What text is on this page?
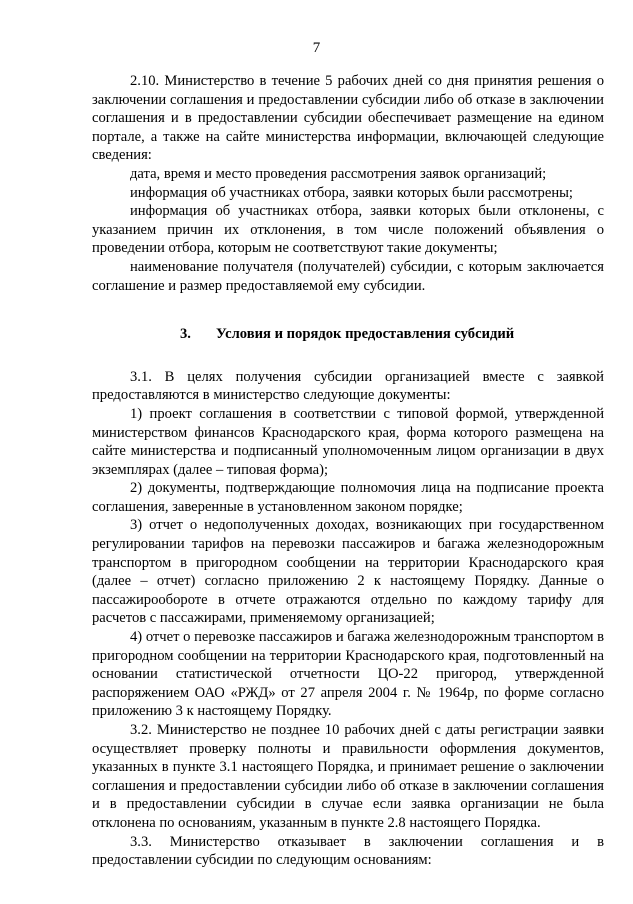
7

2.10. Министерство в течение 5 рабочих дней со дня принятия решения о заключении соглашения и предоставлении субсидии либо об отказе в заключении соглашения и в предоставлении субсидии обеспечивает размещение на едином портале, а также на сайте министерства информации, включающей следующие сведения:

дата, время и место проведения рассмотрения заявок организаций;

информация об участниках отбора, заявки которых были рассмотрены;

информация об участниках отбора, заявки которых были отклонены, с указанием причин их отклонения, в том числе положений объявления о проведении отбора, которым не соответствуют такие документы;

наименование получателя (получателей) субсидии, с которым заключается соглашение и размер предоставляемой ему субсидии.

3. Условия и порядок предоставления субсидий

3.1. В целях получения субсидии организацией вместе с заявкой предоставляются в министерство следующие документы:

1) проект соглашения в соответствии с типовой формой, утвержденной министерством финансов Краснодарского края, форма которого размещена на сайте министерства и подписанный уполномоченным лицом организации в двух экземплярах (далее – типовая форма);

2) документы, подтверждающие полномочия лица на подписание проекта соглашения, заверенные в установленном законом порядке;

3) отчет о недополученных доходах, возникающих при государственном регулировании тарифов на перевозки пассажиров и багажа железнодорожным транспортом в пригородном сообщении на территории Краснодарского края (далее – отчет) согласно приложению 2 к настоящему Порядку. Данные о пассажирообороте в отчете отражаются отдельно по каждому тарифу для расчетов с пассажирами, применяемому организацией;

4) отчет о перевозке пассажиров и багажа железнодорожным транспортом в пригородном сообщении на территории Краснодарского края, подготовленный на основании статистической отчетности ЦО-22 пригород, утвержденной распоряжением ОАО «РЖД» от 27 апреля 2004 г. № 1964р, по форме согласно приложению 3 к настоящему Порядку.

3.2. Министерство не позднее 10 рабочих дней с даты регистрации заявки осуществляет проверку полноты и правильности оформления документов, указанных в пункте 3.1 настоящего Порядка, и принимает решение о заключении соглашения и предоставлении субсидии либо об отказе в заключении соглашения и в предоставлении субсидии в случае если заявка организации не была отклонена по основаниям, указанным в пункте 2.8 настоящего Порядка.

3.3. Министерство отказывает в заключении соглашения и в предоставлении субсидии по следующим основаниям:
